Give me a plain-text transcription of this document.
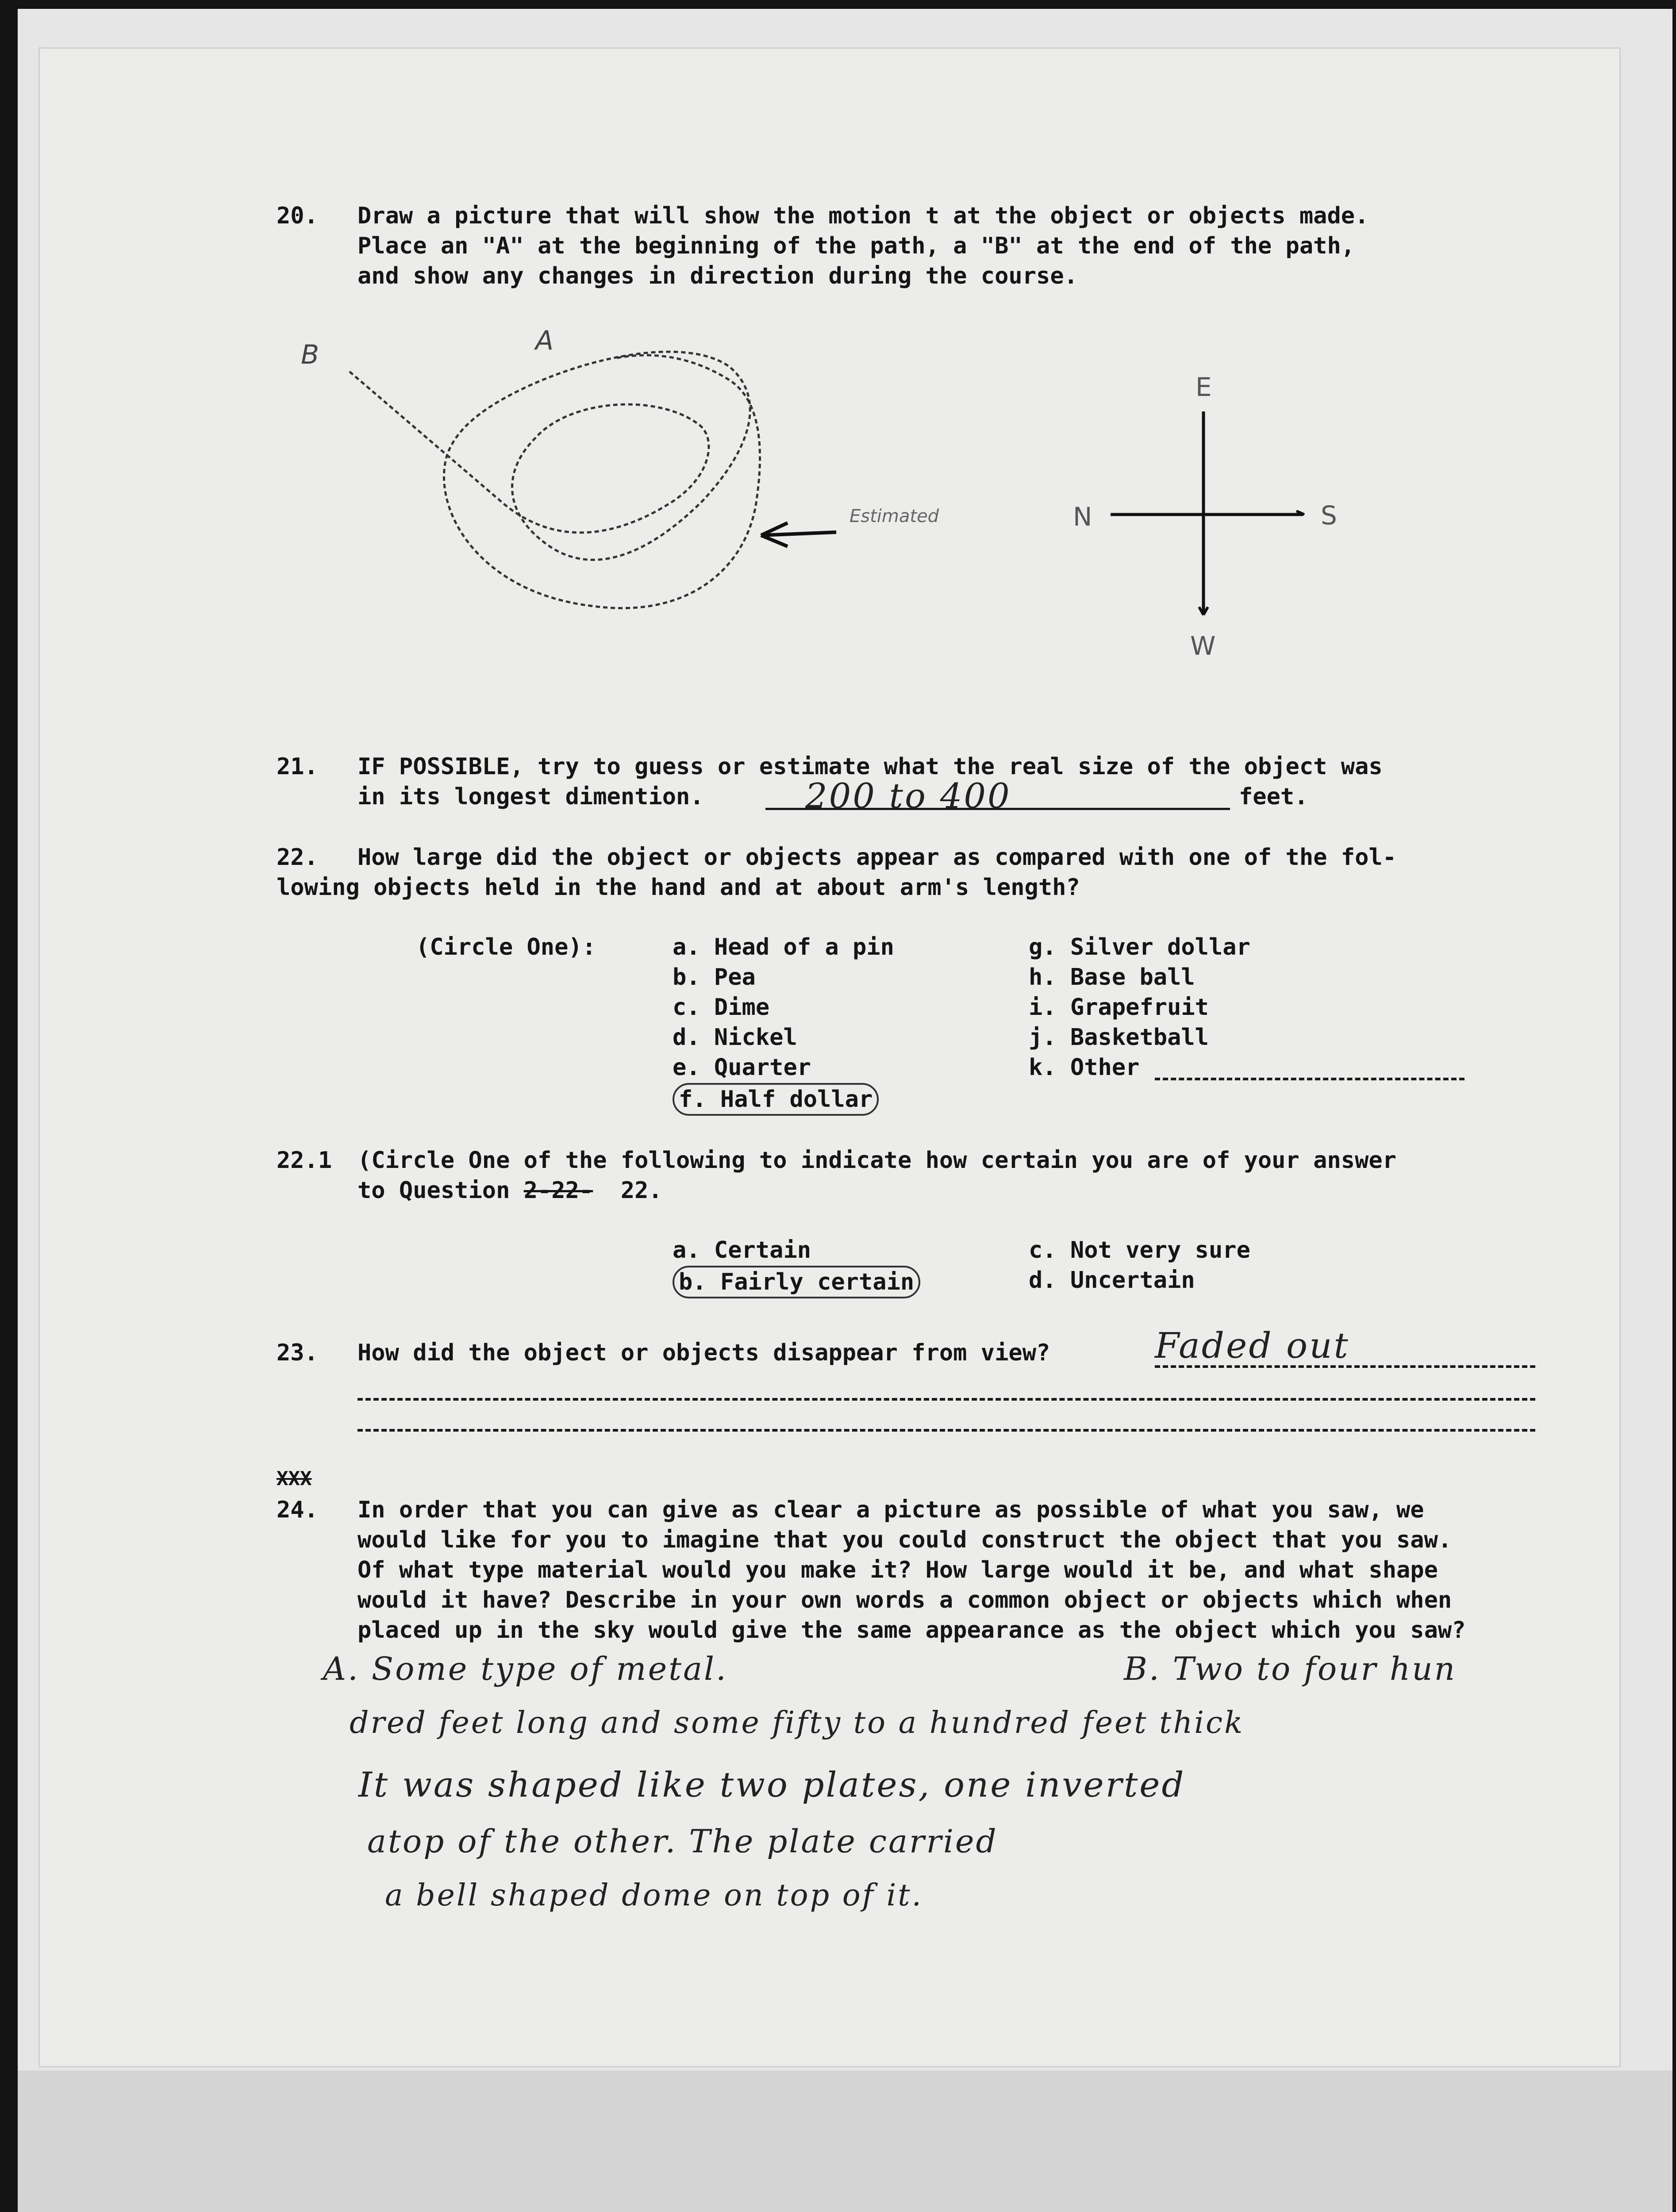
20. Draw a picture that will show the motion t at the object or objects made.
Place an "A" at the beginning of the path, a "B" at the end of the path,
and show any changes in direction during the course.
B	A
Estimated
E
W
N	S
21. IF POSSIBLE, try to guess or estimate what the real size of the object was
in its longest dimention.	200 to 400	feet.
22. How large did the object or objects appear as compared with one of the fol-
lowing objects held in the hand and at about arm's length?
(Circle One):	a. Head of a pin
b. Pea
c. Dime
d. Nickel
e. Quarter
f. Half dollar
g. Silver dollar
h. Base ball
i. Grapefruit
j. Basketball
k. Other
22.1 (Circle One of the following to indicate how certain you are of your answer
to Question 2-22- 22.
a. Certain
b. Fairly certain
c. Not very sure
d. Uncertain
23. How did the object or objects disappear from view?	Faded out
XXX
24. In order that you can give as clear a picture as possible of what you saw, we
would like for you to imagine that you could construct the object that you saw.
Of what type material would you make it? How large would it be, and what shape
would it have? Describe in your own words a common object or objects which when
placed up in the sky would give the same appearance as the object which you saw?
A. Some type of metal.	B. Two to four hun
dred feet long and some fifty to a hundred feet thick
It was shaped like two plates, one inverted
atop of the other. The plate carried
a bell shaped dome on top of it.
